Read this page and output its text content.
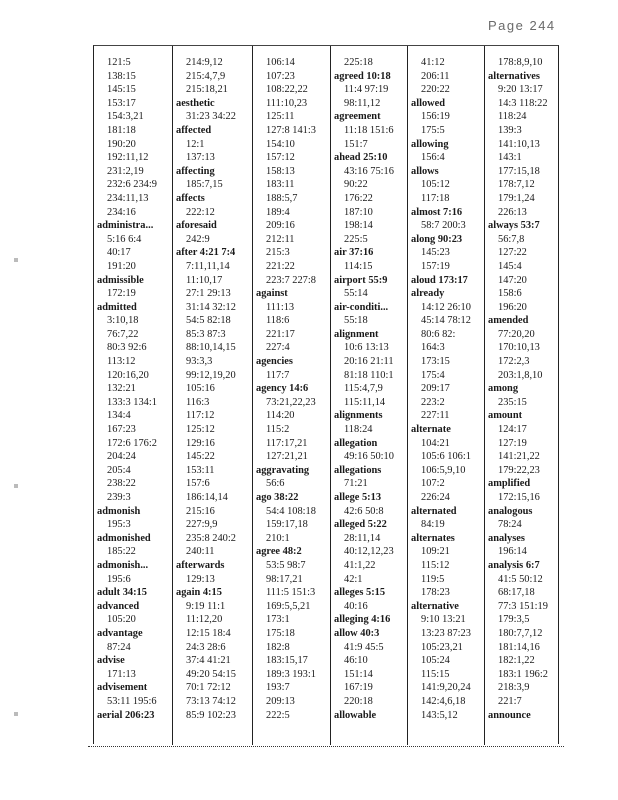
Page 244
121:5
138:15
145:15
153:17
154:3,21
181:18
190:20
192:11,12
231:2,19
232:6 234:9
234:11,13
234:16
administra...
5:16 6:4
40:17
191:20
admissible
172:19
admitted
3:10,18
76:7,22
80:3 92:6
113:12
120:16,20
132:21
133:3 134:1
134:4
167:23
172:6 176:2
204:24
205:4
238:22
239:3
admonish
195:3
admonished
185:22
admonish...
195:6
adult 34:15
advanced
105:20
advantage
87:24
advise
171:13
advisement
53:11 195:6
aerial 206:23
214:9,12
215:4,7,9
215:18,21
aesthetic
31:23 34:22
affected
12:1
137:13
affecting
185:7,15
affects
222:12
aforesaid
242:9
after 4:21 7:4
7:11,11,14
11:10,17
27:1 29:13
31:14 32:12
54:5 82:18
85:3 87:3
88:10,14,15
93:3,3
99:12,19,20
105:16
116:3
117:12
125:12
129:16
145:22
153:11
157:6
186:14,14
215:16
227:9,9
235:8 240:2
240:11
afterwards
129:13
again 4:15
9:19 11:1
11:12,20
12:15 18:4
24:3 28:6
37:4 41:21
49:20 54:15
70:1 72:12
73:13 74:12
85:9 102:23
106:14
107:23
108:22,22
111:10,23
125:11
127:8 141:3
154:10
157:12
158:13
183:11
188:5,7
189:4
209:16
212:11
215:3
221:22
223:7 227:8
against
111:13
118:6
221:17
227:4
agencies
117:7
agency 14:6
73:21,22,23
114:20
115:2
117:17,21
127:21,21
aggravating
56:6
ago 38:22
54:4 108:18
159:17,18
210:1
agree 48:2
53:5 98:7
98:17,21
111:5 151:3
169:5,5,21
173:1
175:18
182:8
183:15,17
189:3 193:1
193:7
209:13
222:5
225:18
agreed 10:18
11:4 97:19
98:11,12
agreement
11:18 151:6
151:7
ahead 25:10
43:16 75:16
90:22
176:22
187:10
198:14
225:5
air 37:16
114:15
airport 55:9
55:14
air-conditi...
55:18
alignment
10:6 13:13
20:16 21:11
81:18 110:1
115:4,7,9
115:11,14
alignments
118:24
allegation
49:16 50:10
allegations
71:21
allege 5:13
42:6 50:8
alleged 5:22
28:11,14
40:12,12,23
41:1,22
42:1
alleges 5:15
40:16
alleging 4:16
allow 40:3
41:9 45:5
46:10
151:14
167:19
220:18
allowable
41:12
206:11
220:22
allowed
156:19
175:5
allowing
156:4
allows
105:12
117:18
almost 7:16
58:7 200:3
along 90:23
145:23
157:19
aloud 173:17
already
14:12 26:10
45:14 78:12
80:6 82:
164:3
173:15
175:4
209:17
223:2
227:11
alternate
104:21
105:6 106:1
106:5,9,10
107:2
226:24
alternated
84:19
alternates
109:21
115:12
119:5
178:23
alternative
9:10 13:21
13:23 87:23
105:23,21
105:24
115:15
141:9,20,24
142:4,6,18
143:5,12
178:8,9,10
alternatives
9:20 13:17
14:3 118:22
118:24
139:3
141:10,13
143:1
177:15,18
178:7,12
179:1,24
226:13
always 53:7
56:7,8
127:22
145:4
147:20
158:6
196:20
amended
77:20,20
170:10,13
172:2,3
203:1,8,10
among
235:15
amount
124:17
127:19
141:21,22
179:22,23
amplified
172:15,16
analogous
78:24
analyses
196:14
analysis 6:7
41:5 50:12
68:17,18
77:3 151:19
179:3,5
180:7,7,12
181:14,16
182:1,22
183:1 196:2
218:3,9
221:7
announce
